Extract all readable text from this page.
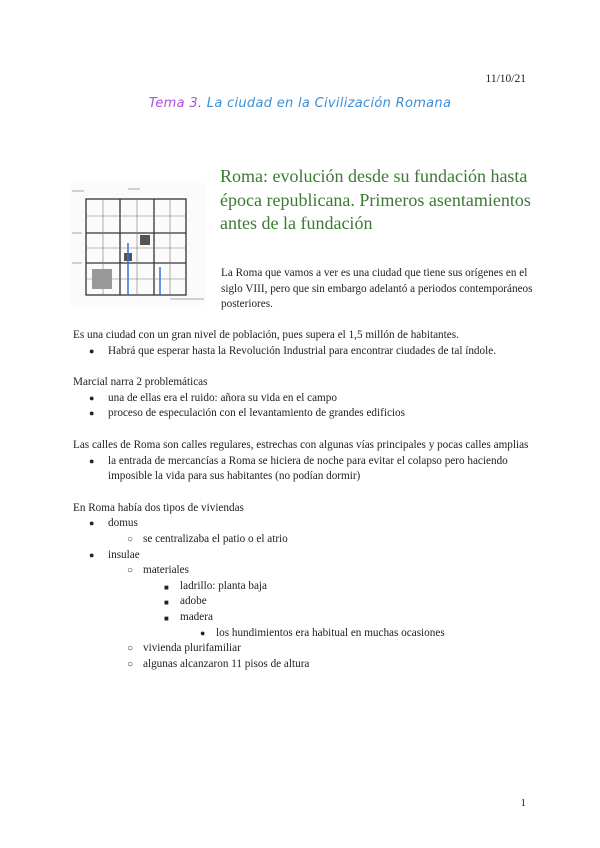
11/10/21
Tema 3. La ciudad en la Civilización Romana
Roma: evolución desde su fundación hasta época republicana. Primeros asentamientos antes de la fundación
La Roma que vamos a ver es una ciudad que tiene sus orígenes en el siglo VIII, pero que sin embargo adelantó a periodos contemporáneos posteriores.

Es una ciudad con un gran nivel de población, pues supera el 1,5 millón de habitantes.

● Habrá que esperar hasta la Revolución Industrial para encontrar ciudades de tal índole.

Marcial narra 2 problemáticas

● una de ellas era el ruido: añora su vida en el campo
● proceso de especulación con el levantamiento de grandes edificios

Las calles de Roma son calles regulares, estrechas con algunas vías principales y pocas calles amplias

● la entrada de mercancías a Roma se hiciera de noche para evitar el colapso pero haciendo imposible la vida para sus habitantes (no podían dormir)

En Roma había dos tipos de viviendas

● domus
○ se centralizaba el patio o el atrio
● insulae
○ materiales
■ ladrillo: planta baja
■ adobe
■ madera
● los hundimientos era habitual en muchas ocasiones
○ vivienda plurifamiliar
○ algunas alcanzaron 11 pisos de altura
1
